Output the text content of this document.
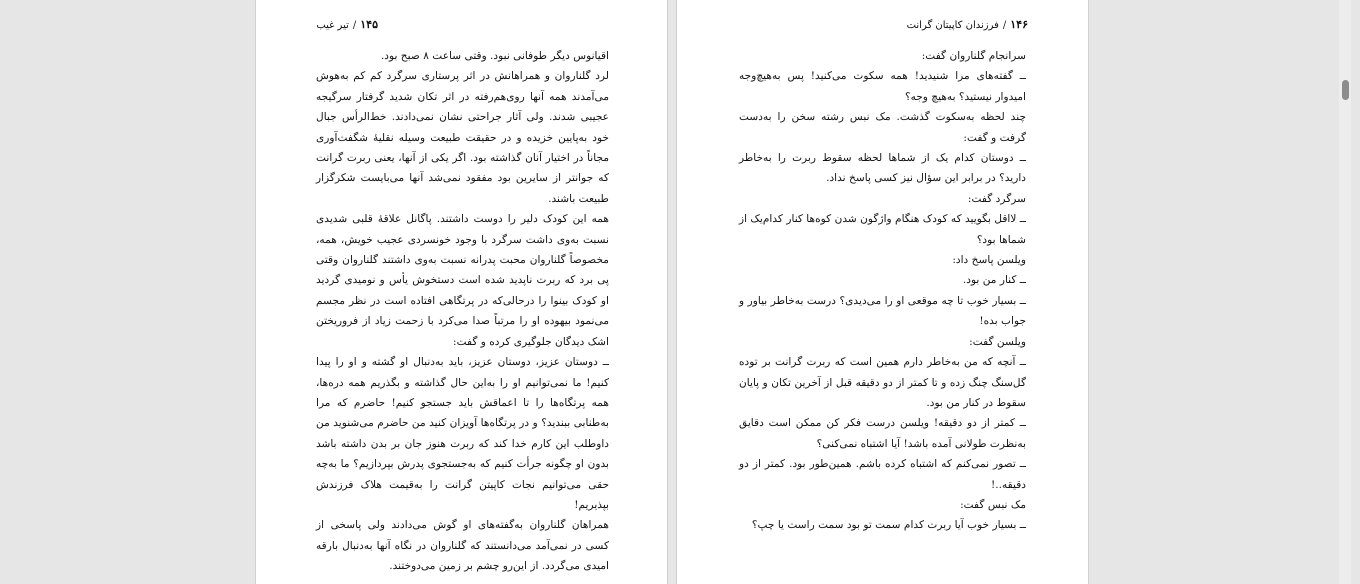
۱۴۵/تیر غیب

اقیانوس دیگر طوفانی نبود. وقتی ساعت ۸ صبح بود.

لرد گلناروان و همراهانش در اثر پرستاری سرگرد کم کم به‌هوش می‌آمدند همه آنها روی‌هم‌رفته در اثر تکان شدید گرفتار سرگیجه عجیبی شدند. ولی آثار جراحتی نشان نمی‌دادند. خط‌الرأس جبال خود به‌پایین خزیده و در حقیقت طبیعت وسیله نقلیهٔ شگفت‌آوری مجاناً در اختیار آنان گذاشته بود. اگر یکی از آنها، یعنی ربرت گرانت که جوانتر از سایرین بود مفقود نمی‌شد آنها می‌بایست شکرگزار طبیعت باشند.

همه این کودک دلیر را دوست داشتند. پاگانل علاقهٔ قلبی شدیدی نسبت به‌وی داشت سرگرد با وجود خونسردی عجیب خویش، همه، مخصوصاً گلناروان محبت پدرانه نسبت به‌وی داشتند گلناروان وقتی پی برد که ربرت ناپدید شده است دستخوش یأس و نومیدی گردید او کودک بینوا را درحالی‌که در پرتگاهی افتاده است در نظر مجسم می‌نمود بیهوده او را مرتباً صدا می‌کرد با زحمت زیاد از فروریختن اشک دیدگان جلوگیری کرده و گفت:

ــ دوستان عزیز، دوستان عزیز، باید به‌دنبال او گشته و او را پیدا کنیم! ما نمی‌توانیم او را به‌این حال گذاشته و بگذریم همه دره‌ها، همه پرتگاه‌ها را تا اعماقش باید جستجو کنیم! حاضرم که مرا به‌طنابی ببندید؟ و در پرتگاه‌ها آویزان کنید من حاضرم می‌شنوید من داوطلب این کارم خدا کند که ربرت هنوز جان بر بدن داشته باشد بدون او چگونه جرأت کنیم که به‌جستجوی پدرش بپردازیم؟ ما به‌چه حقی می‌توانیم نجات کاپیتن گرانت را به‌قیمت هلاک فرزندش بپذیریم!

همراهان گلناروان به‌گفته‌های او گوش می‌دادند ولی پاسخی از کسی در نمی‌آمد می‌دانستند که گلناروان در نگاه آنها به‌دنبال بارقه امیدی می‌گردد. از این‌رو چشم بر زمین می‌دوختند.

۱۴۶/فرزندان کاپیتان گرانت

سرانجام گلناروان گفت:

ــ گفته‌های مرا شنیدید! همه سکوت می‌کنید! پس به‌هیچ‌وجه امیدوار نیستید؟ به‌هیچ وجه؟

چند لحظه به‌سکوت گذشت. مک نبس رشته سخن را به‌دست گرفت و گفت:

ــ دوستان کدام یک از شماها لحظه سقوط ربرت را به‌خاطر دارید؟ در برابر این سؤال نیز کسی پاسخ نداد.

سرگرد گفت:

ــ لااقل بگویید که کودک هنگام واژگون شدن کوه‌ها کنار کدام‌یک از شماها بود؟

ویلسن پاسخ داد:

ــ کنار من بود.

ــ بسیار خوب تا چه موقعی او را می‌دیدی؟ درست به‌خاطر بیاور و جواب بده!

ویلسن گفت:

ــ آنچه که من به‌خاطر دارم همین است که ربرت گرانت بر توده گل‌سنگ چنگ زده و تا کمتر از دو دقیقه قبل از آخرین تکان و پایان سقوط در کنار من بود.

ــ کمتر از دو دقیقه! ویلسن درست فکر کن ممکن است دقایق به‌نظرت طولانی آمده باشد! آیا اشتباه نمی‌کنی؟

ــ تصور نمی‌کنم که اشتباه کرده باشم. همین‌طور بود. کمتر از دو دقیقه..!

مک نبس گفت:

ــ بسیار خوب آیا ربرت کدام سمت تو بود سمت راست یا چپ؟
